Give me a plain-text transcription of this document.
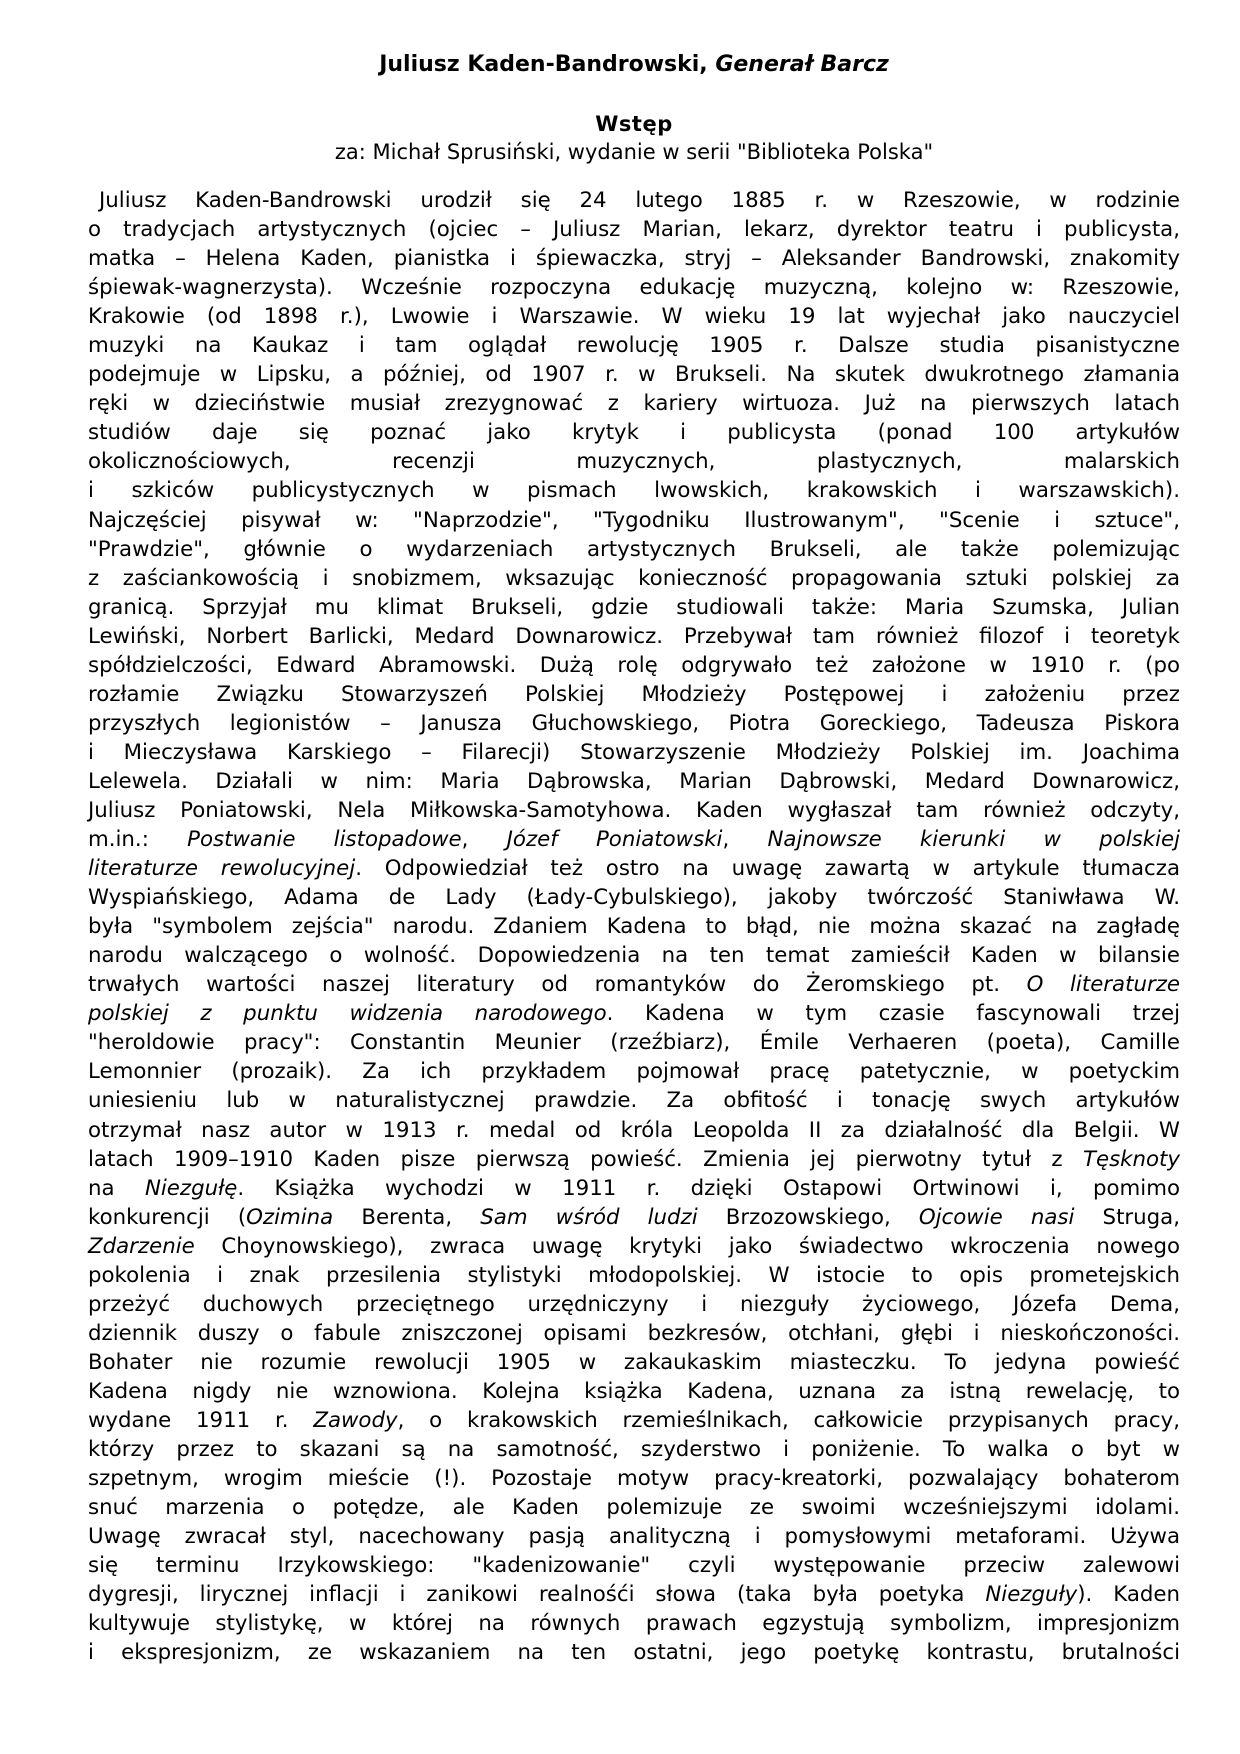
Juliusz Kaden-Bandrowski, Generał Barcz
Wstęp

za: Michał Sprusiński, wydanie w serii "Biblioteka Polska"

Juliusz Kaden-Bandrowski urodził się 24 lutego 1885 r. w Rzeszowie, w rodzinie
o tradycjach artystycznych (ojciec – Juliusz Marian, lekarz, dyrektor teatru i publicysta,
matka – Helena Kaden, pianistka i śpiewaczka, stryj – Aleksander Bandrowski, znakomity
śpiewak-wagnerzysta). Wcześnie rozpoczyna edukację muzyczną, kolejno w: Rzeszowie,
Krakowie (od 1898 r.), Lwowie i Warszawie. W wieku 19 lat wyjechał jako nauczyciel
muzyki na Kaukaz i tam oglądał rewolucję 1905 r. Dalsze studia pisanistyczne
podejmuje w Lipsku, a później, od 1907 r. w Brukseli. Na skutek dwukrotnego złamania
ręki w dzieciństwie musiał zrezygnować z kariery wirtuoza. Już na pierwszych latach
studiów daje się poznać jako krytyk i publicysta (ponad 100 artykułów
okolicznościowych, recenzji muzycznych, plastycznych, malarskich
i szkiców publicystycznych w pismach lwowskich, krakowskich i warszawskich).
Najczęściej pisywał w: "Naprzodzie", "Tygodniku Ilustrowanym", "Scenie i sztuce",
"Prawdzie", głównie o wydarzeniach artystycznych Brukseli, ale także polemizując
z zaściankowością i snobizmem, wksazując konieczność propagowania sztuki polskiej za
granicą. Sprzyjał mu klimat Brukseli, gdzie studiowali także: Maria Szumska, Julian
Lewiński, Norbert Barlicki, Medard Downarowicz. Przebywał tam również filozof i teoretyk
spółdzielczości, Edward Abramowski. Dużą rolę odgrywało też założone w 1910 r. (po
rozłamie Związku Stowarzyszeń Polskiej Młodzieży Postępowej i założeniu przez
przyszłych legionistów – Janusza Głuchowskiego, Piotra Goreckiego, Tadeusza Piskora
i Mieczysława Karskiego – Filarecji) Stowarzyszenie Młodzieży Polskiej im. Joachima
Lelewela. Działali w nim: Maria Dąbrowska, Marian Dąbrowski, Medard Downarowicz,
Juliusz Poniatowski, Nela Miłkowska-Samotyhowa. Kaden wygłaszał tam również odczyty,
m.in.: Postwanie listopadowe, Józef Poniatowski, Najnowsze kierunki w polskiej
literaturze rewolucyjnej. Odpowiedział też ostro na uwagę zawartą w artykule tłumacza
Wyspiańskiego, Adama de Lady (Łady-Cybulskiego), jakoby twórczość Staniwława W.
była "symbolem zejścia" narodu. Zdaniem Kadena to błąd, nie można skazać na zagładę
narodu walczącego o wolność. Dopowiedzenia na ten temat zamieścił Kaden w bilansie
trwałych wartości naszej literatury od romantyków do Żeromskiego pt. O literaturze
polskiej z punktu widzenia narodowego. Kadena w tym czasie fascynowali trzej
"heroldowie pracy": Constantin Meunier (rzeźbiarz), Émile Verhaeren (poeta), Camille
Lemonnier (prozaik). Za ich przykładem pojmował pracę patetycznie, w poetyckim
uniesieniu lub w naturalistycznej prawdzie. Za obfitość i tonację swych artykułów
otrzymał nasz autor w 1913 r. medal od króla Leopolda II za działalność dla Belgii. W
latach 1909–1910 Kaden pisze pierwszą powieść. Zmienia jej pierwotny tytuł z Tęsknoty
na Niezgułę. Książka wychodzi w 1911 r. dzięki Ostapowi Ortwinowi i, pomimo
konkurencji (Ozimina Berenta, Sam wśród ludzi Brzozowskiego, Ojcowie nasi Struga,
Zdarzenie Choynowskiego), zwraca uwagę krytyki jako świadectwo wkroczenia nowego
pokolenia i znak przesilenia stylistyki młodopolskiej. W istocie to opis prometejskich
przeżyć duchowych przeciętnego urzędniczyny i niezguły życiowego, Józefa Dema,
dziennik duszy o fabule zniszczonej opisami bezkresów, otchłani, głębi i nieskończoności.
Bohater nie rozumie rewolucji 1905 w zakaukaskim miasteczku. To jedyna powieść
Kadena nigdy nie wznowiona. Kolejna książka Kadena, uznana za istną rewelację, to
wydane 1911 r. Zawody, o krakowskich rzemieślnikach, całkowicie przypisanych pracy,
którzy przez to skazani są na samotność, szyderstwo i poniżenie. To walka o byt w
szpetnym, wrogim mieście (!). Pozostaje motyw pracy-kreatorki, pozwalający bohaterom
snuć marzenia o potędze, ale Kaden polemizuje ze swoimi wcześniejszymi idolami.
Uwagę zwracał styl, nacechowany pasją analityczną i pomysłowymi metaforami. Używa
się terminu Irzykowskiego: "kadenizowanie" czyli występowanie przeciw zalewowi
dygresji, lirycznej inflacji i zanikowi realnośći słowa (taka była poetyka Niezguły). Kaden
kultywuje stylistykę, w której na równych prawach egzystują symbolizm, impresjonizm
i ekspresjonizm, ze wskazaniem na ten ostatni, jego poetykę kontrastu, brutalności
